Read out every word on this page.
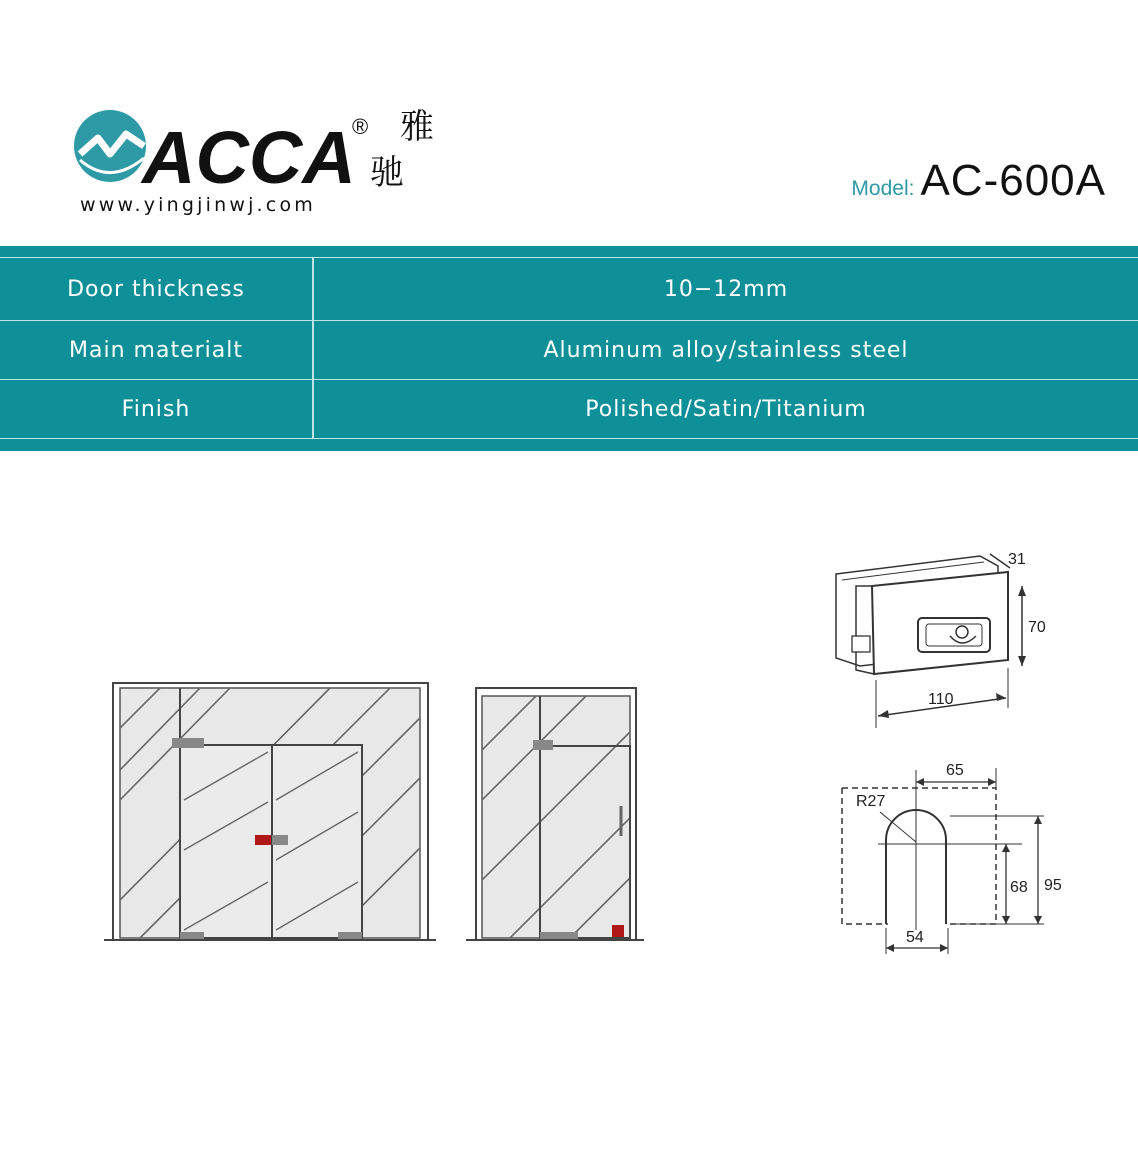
ACCA
® 雅
驰
www.yingjinwj.com
Model: AC-600A
Door thickness	10−12mm
Main materialt	Aluminum alloy/stainless steel
Finish	Polished/Satin/Titanium
31
70
110
65
R27
68 95
54
